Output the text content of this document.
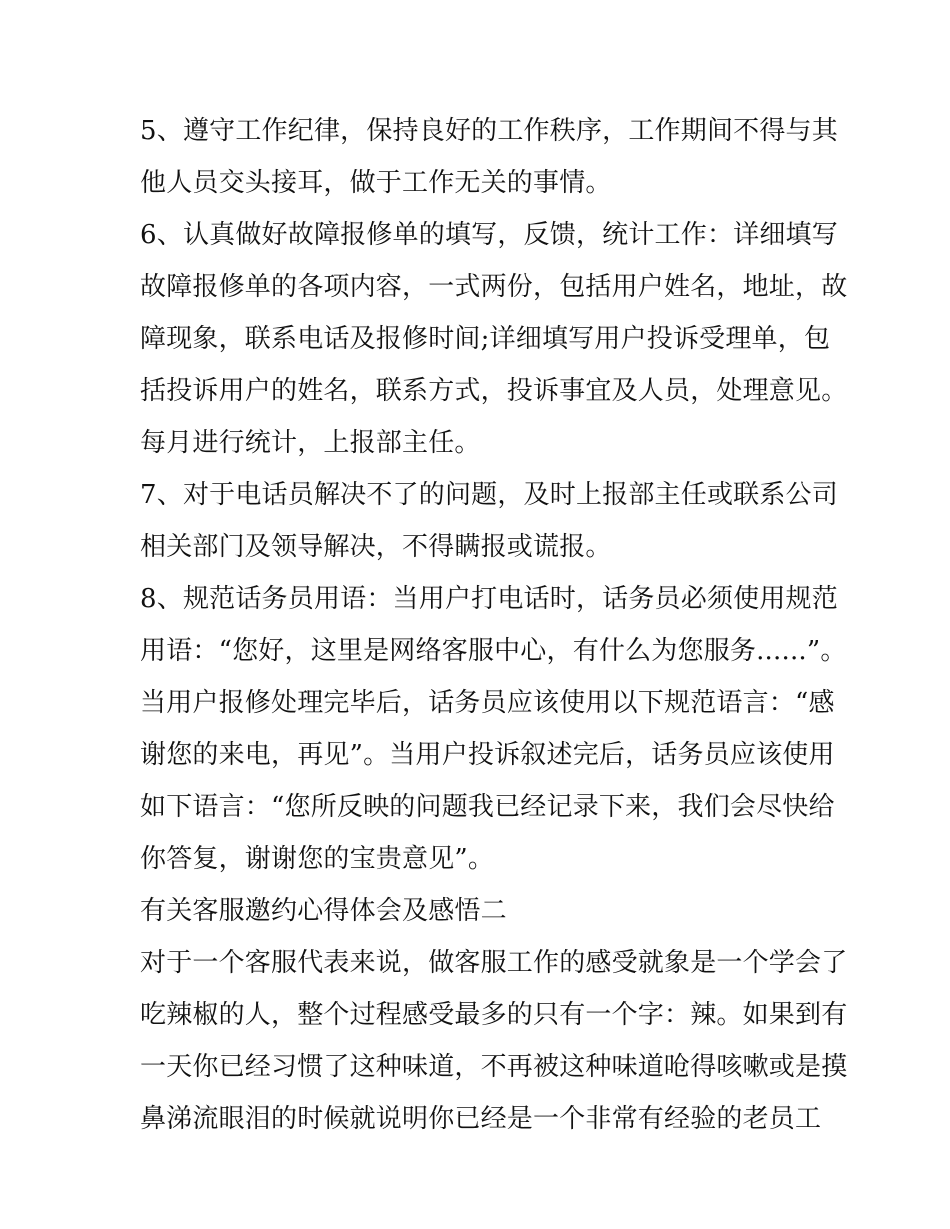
5、遵守工作纪律，保持良好的工作秩序，工作期间不得与其
他人员交头接耳，做于工作无关的事情。
6、认真做好故障报修单的填写，反馈，统计工作：详细填写
故障报修单的各项内容，一式两份，包括用户姓名，地址，故
障现象，联系电话及报修时间;详细填写用户投诉受理单，包
括投诉用户的姓名，联系方式，投诉事宜及人员，处理意见。
每月进行统计，上报部主任。
7、对于电话员解决不了的问题，及时上报部主任或联系公司
相关部门及领导解决，不得瞒报或谎报。
8、规范话务员用语：当用户打电话时，话务员必须使用规范
用语：“您好，这里是网络客服中心，有什么为您服务......”。
当用户报修处理完毕后，话务员应该使用以下规范语言：“感
谢您的来电，再见”。当用户投诉叙述完后，话务员应该使用
如下语言：“您所反映的问题我已经记录下来，我们会尽快给
你答复，谢谢您的宝贵意见”。
有关客服邀约心得体会及感悟二
对于一个客服代表来说，做客服工作的感受就象是一个学会了
吃辣椒的人，整个过程感受最多的只有一个字：辣。如果到有
一天你已经习惯了这种味道，不再被这种味道呛得咳嗽或是摸
鼻涕流眼泪的时候就说明你已经是一个非常有经验的老员工
